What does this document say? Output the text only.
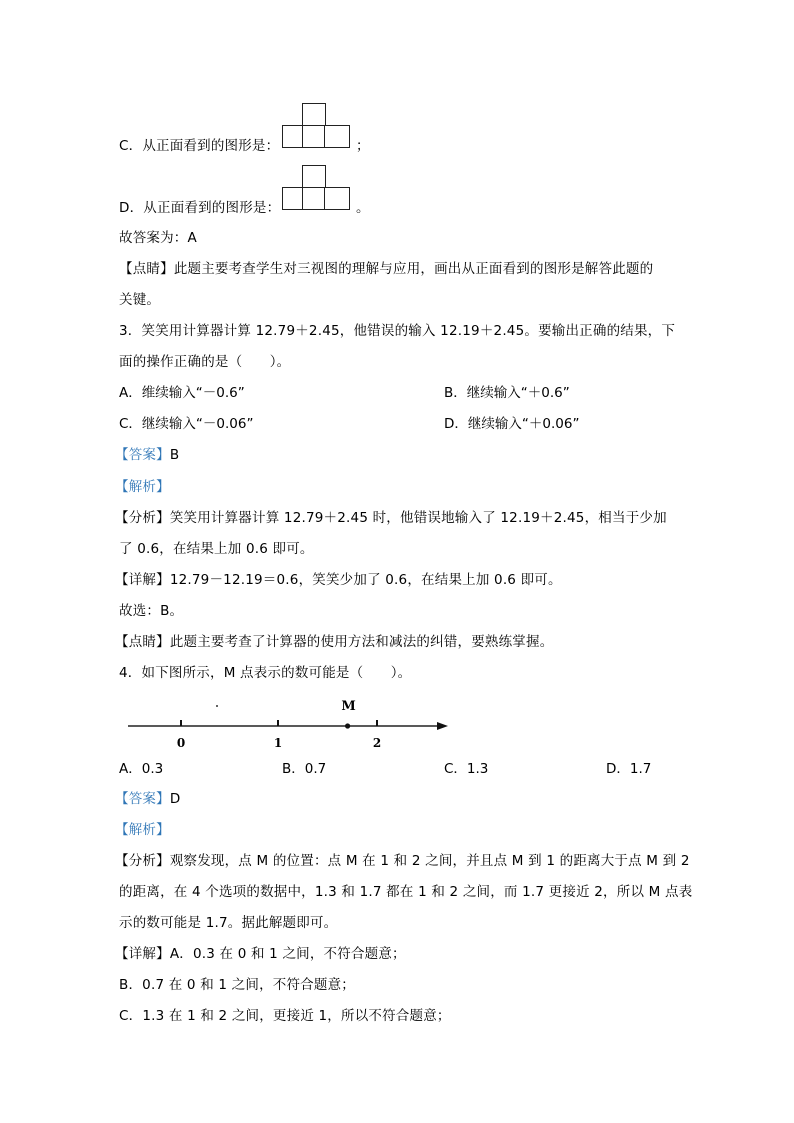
C．从正面看到的图形是：	；
D．从正面看到的图形是：	。
故答案为：A
【点睛】此题主要考查学生对三视图的理解与应用，画出从正面看到的图形是解答此题的
关键。
3．笑笑用计算器计算 12.79＋2.45，他错误的输入 12.19＋2.45。要输出正确的结果，下
面的操作正确的是（　　）。
A．维续输入“－0.6”	B．继续输入“＋0.6”
C．继续输入“－0.06”	D．继续输入“＋0.06”
【答案】B
【解析】
【分析】笑笑用计算器计算 12.79＋2.45 时，他错误地输入了 12.19＋2.45，相当于少加
了 0.6，在结果上加 0.6 即可。
【详解】12.79－12.19＝0.6，笑笑少加了 0.6，在结果上加 0.6 即可。
故选：B。
【点睛】此题主要考查了计算器的使用方法和减法的纠错，要熟练掌握。
4．如下图所示，M 点表示的数可能是（　　）。
0	1	2
M
A．0.3	B．0.7	C．1.3	D．1.7
【答案】D
【解析】
【分析】观察发现，点 M 的位置：点 M 在 1 和 2 之间，并且点 M 到 1 的距离大于点 M 到 2
的距离，在 4 个选项的数据中，1.3 和 1.7 都在 1 和 2 之间，而 1.7 更接近 2，所以 M 点表
示的数可能是 1.7。据此解题即可。
【详解】A．0.3 在 0 和 1 之间，不符合题意；
B．0.7 在 0 和 1 之间，不符合题意；
C．1.3 在 1 和 2 之间，更接近 1，所以不符合题意；
